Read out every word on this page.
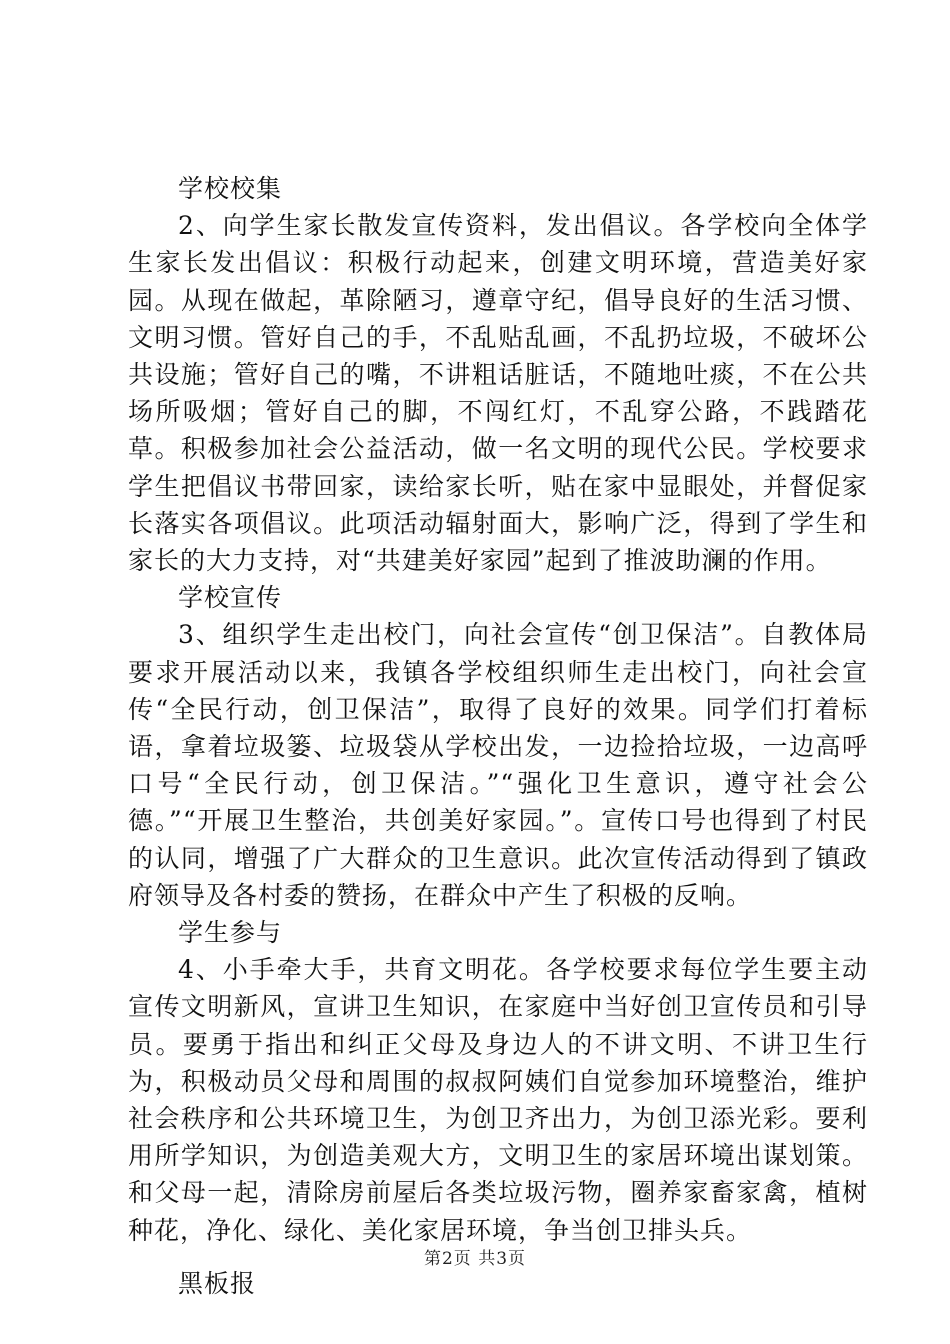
学校校集

2、向学生家长散发宣传资料，发出倡议。各学校向全体学生家长发出倡议：积极行动起来，创建文明环境，营造美好家园。从现在做起，革除陋习，遵章守纪，倡导良好的生活习惯、文明习惯。管好自己的手，不乱贴乱画，不乱扔垃圾，不破坏公共设施；管好自己的嘴，不讲粗话脏话，不随地吐痰，不在公共场所吸烟；管好自己的脚，不闯红灯，不乱穿公路，不践踏花草。积极参加社会公益活动，做一名文明的现代公民。学校要求学生把倡议书带回家，读给家长听，贴在家中显眼处，并督促家长落实各项倡议。此项活动辐射面大，影响广泛，得到了学生和家长的大力支持，对“共建美好家园”起到了推波助澜的作用。

学校宣传

3、组织学生走出校门，向社会宣传“创卫保洁”。自教体局要求开展活动以来，我镇各学校组织师生走出校门，向社会宣传“全民行动，创卫保洁”，取得了良好的效果。同学们打着标语，拿着垃圾篓、垃圾袋从学校出发，一边捡拾垃圾，一边高呼口号“全民行动，创卫保洁。”“强化卫生意识，遵守社会公德。”“开展卫生整治，共创美好家园。”。宣传口号也得到了村民的认同，增强了广大群众的卫生意识。此次宣传活动得到了镇政府领导及各村委的赞扬，在群众中产生了积极的反响。

学生参与

4、小手牵大手，共育文明花。各学校要求每位学生要主动宣传文明新风，宣讲卫生知识，在家庭中当好创卫宣传员和引导员。要勇于指出和纠正父母及身边人的不讲文明、不讲卫生行为，积极动员父母和周围的叔叔阿姨们自觉参加环境整治，维护社会秩序和公共环境卫生，为创卫齐出力，为创卫添光彩。要利用所学知识，为创造美观大方，文明卫生的家居环境出谋划策。和父母一起，清除房前屋后各类垃圾污物，圈养家畜家禽，植树种花，净化、绿化、美化家居环境，争当创卫排头兵。

黑板报
第2页 共3页
